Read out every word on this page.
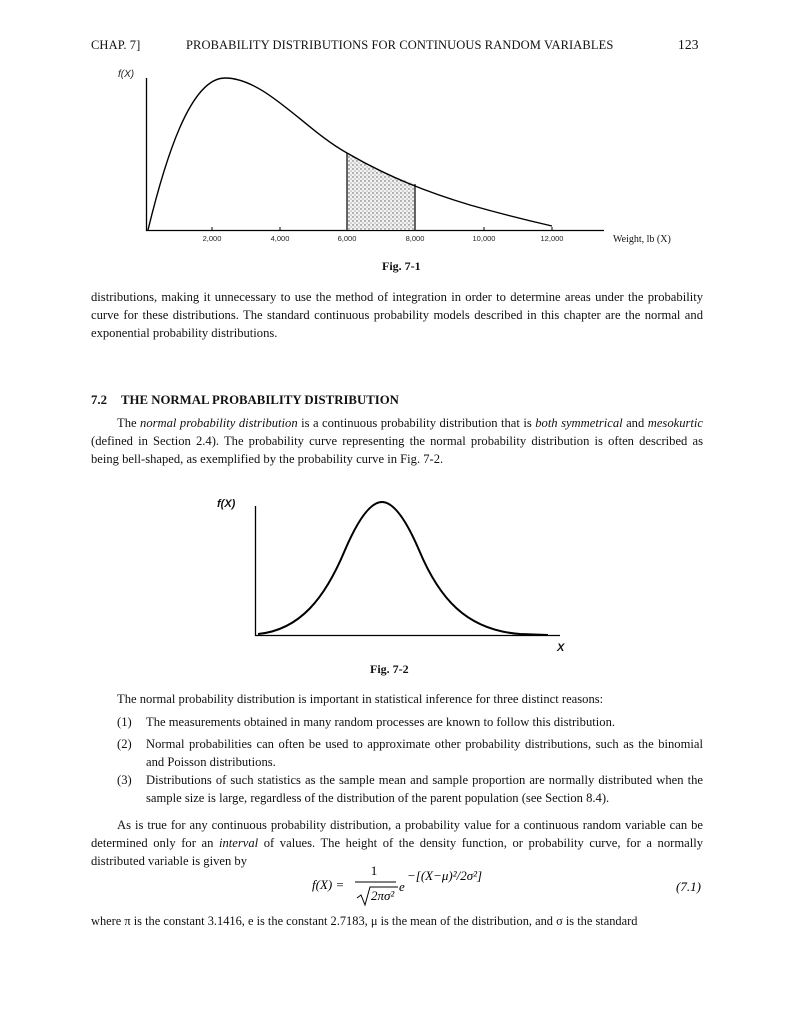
CHAP. 7]	PROBABILITY DISTRIBUTIONS FOR CONTINUOUS RANDOM VARIABLES	123
2,000	4,000	6,000	8,000	10,000	12,000
f(X)
Weight, lb (X)
Fig. 7-1
distributions, making it unnecessary to use the method of integration in order to determine areas under the probability curve for these distributions. The standard continuous probability models described in this chapter are the normal and exponential probability distributions.
7.2 THE NORMAL PROBABILITY DISTRIBUTION
The normal probability distribution is a continuous probability distribution that is both symmetrical and mesokurtic (defined in Section 2.4). The probability curve representing the normal probability distribution is often described as being bell-shaped, as exemplified by the probability curve in Fig. 7-2.
f(X)
X
Fig. 7-2
The normal probability distribution is important in statistical inference for three distinct reasons:
(1) The measurements obtained in many random processes are known to follow this distribution.
(2) Normal probabilities can often be used to approximate other probability distributions, such as the binomial and Poisson distributions.
(3) Distributions of such statistics as the sample mean and sample proportion are normally distributed when the sample size is large, regardless of the distribution of the parent population (see Section 8.4).
As is true for any continuous probability distribution, a probability value for a continuous random variable can be determined only for an interval of values. The height of the density function, or probability curve, for a normally distributed variable is given by
f(X) =
1
2πσ²
e
−[(X−μ)²/2σ²]
(7.1)
where π is the constant 3.1416, e is the constant 2.7183, μ is the mean of the distribution, and σ is the standard
